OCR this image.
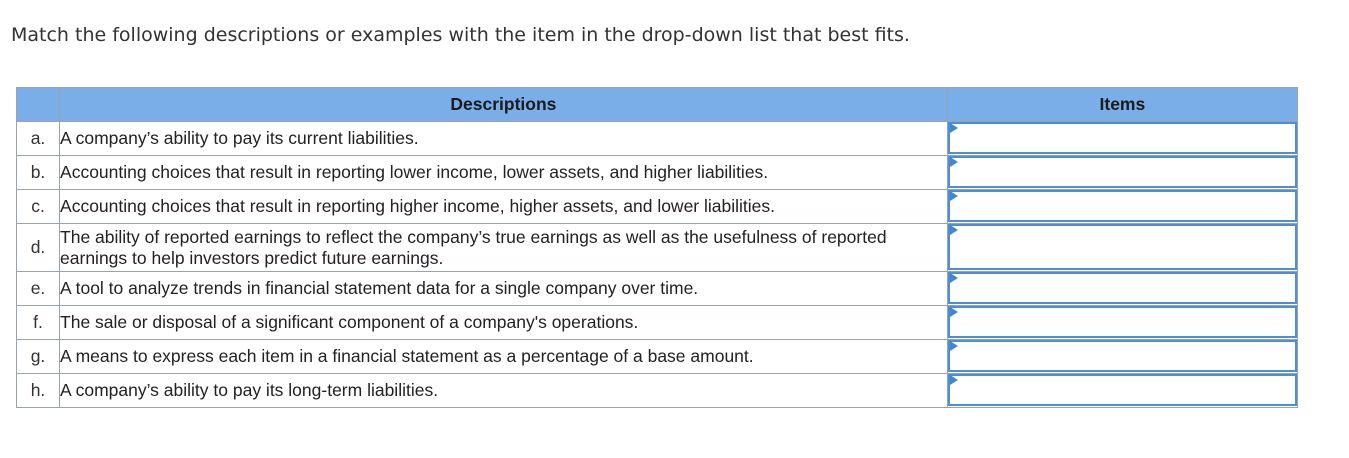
Match the following descriptions or examples with the item in the drop-down list that best fits.
	Descriptions	Items
a.	A company’s ability to pay its current liabilities.	

b.	Accounting choices that result in reporting lower income, lower assets, and higher liabilities.	

c.	Accounting choices that result in reporting higher income, higher assets, and lower liabilities.	

d.	The ability of reported earnings to reflect the company’s true earnings as well as the usefulness of reported earnings to help investors predict future earnings.	

e.	A tool to analyze trends in financial statement data for a single company over time.	

f.	The sale or disposal of a significant component of a company's operations.	

g.	A means to express each item in a financial statement as a percentage of a base amount.	

h.	A company’s ability to pay its long-term liabilities.	
